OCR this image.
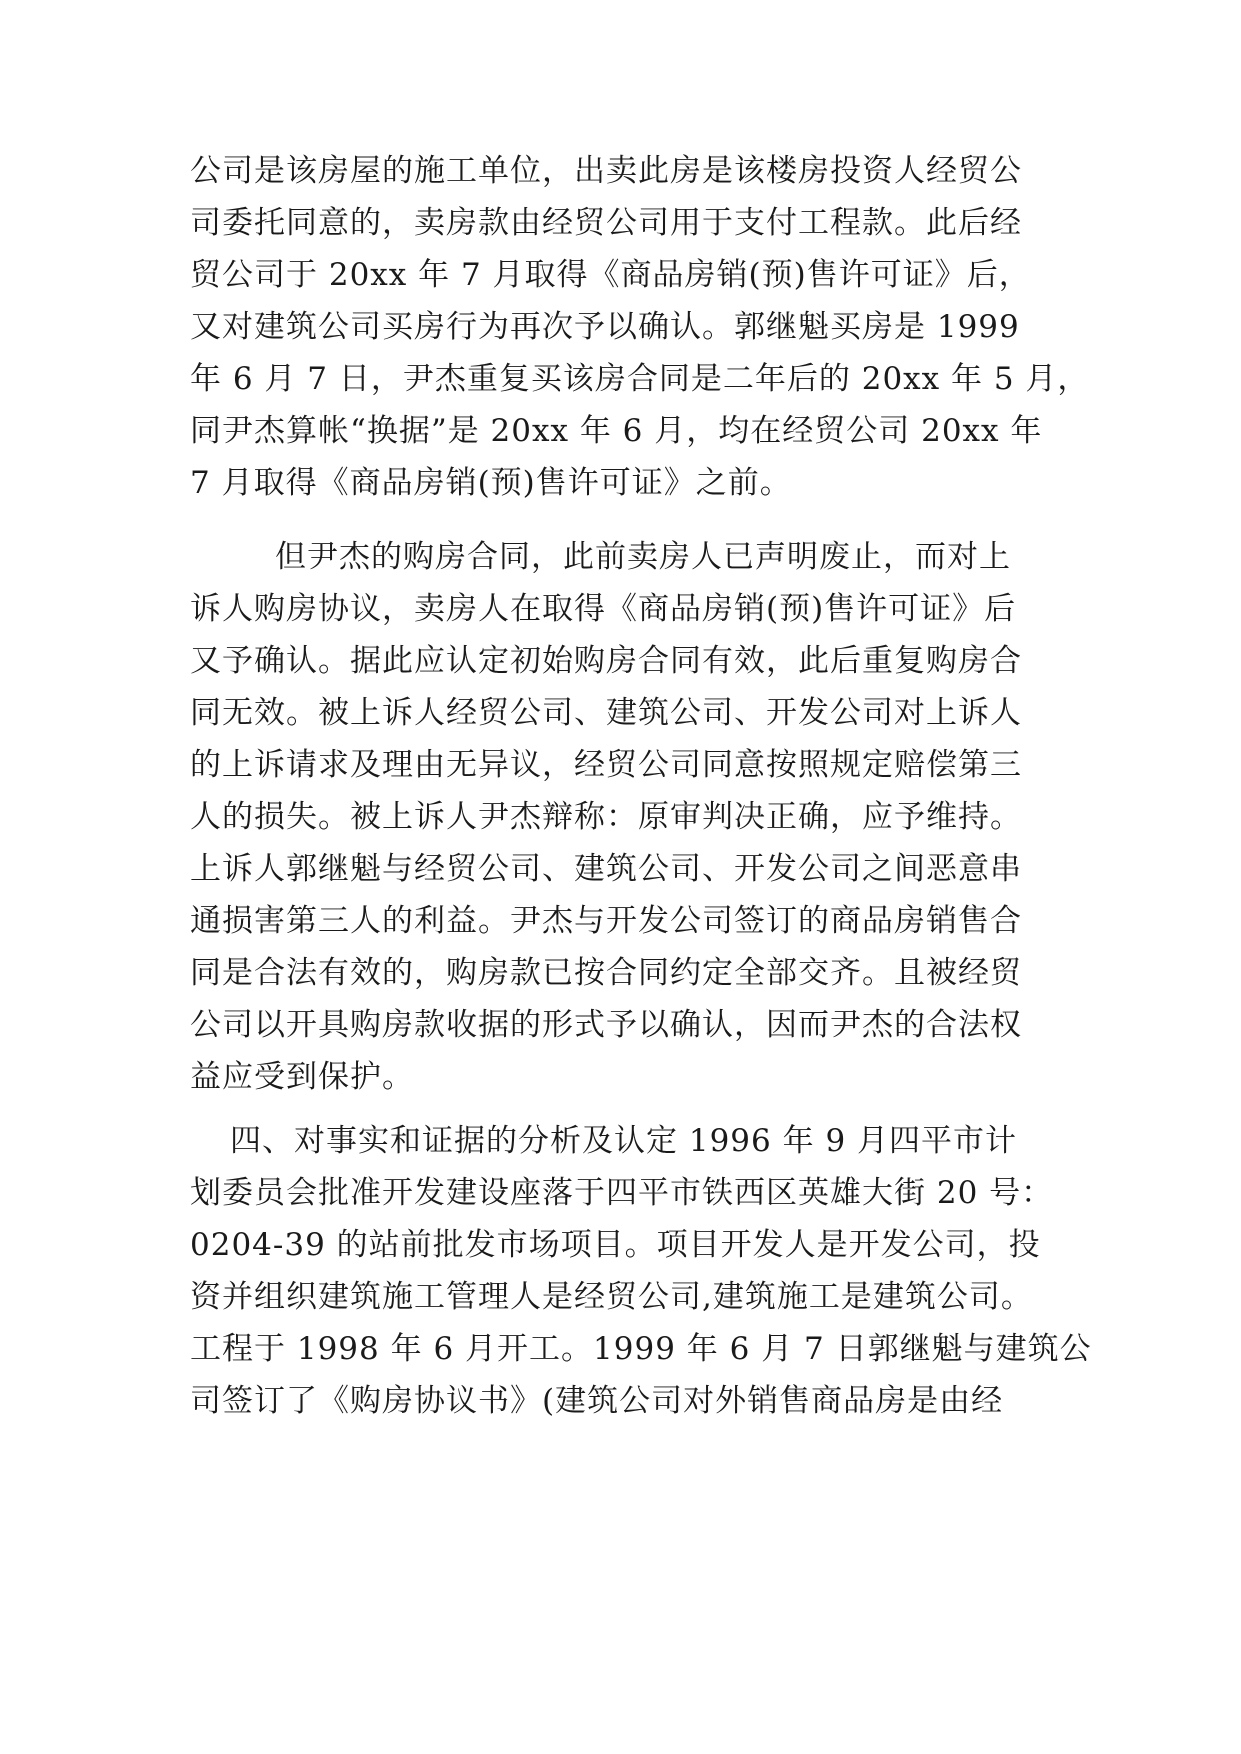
公司是该房屋的施工单位，出卖此房是该楼房投资人经贸公
司委托同意的，卖房款由经贸公司用于支付工程款。此后经
贸公司于 20xx 年 7 月取得《商品房销(预)售许可证》后，
又对建筑公司买房行为再次予以确认。郭继魁买房是 1999
年 6 月 7 日，尹杰重复买该房合同是二年后的 20xx 年 5 月，
同尹杰算帐“换据”是 20xx 年 6 月，均在经贸公司 20xx 年
7 月取得《商品房销(预)售许可证》之前。
但尹杰的购房合同，此前卖房人已声明废止，而对上
诉人购房协议，卖房人在取得《商品房销(预)售许可证》后
又予确认。据此应认定初始购房合同有效，此后重复购房合
同无效。被上诉人经贸公司、建筑公司、开发公司对上诉人
的上诉请求及理由无异议，经贸公司同意按照规定赔偿第三
人的损失。被上诉人尹杰辩称：原审判决正确，应予维持。
上诉人郭继魁与经贸公司、建筑公司、开发公司之间恶意串
通损害第三人的利益。尹杰与开发公司签订的商品房销售合
同是合法有效的，购房款已按合同约定全部交齐。且被经贸
公司以开具购房款收据的形式予以确认，因而尹杰的合法权
益应受到保护。
四、对事实和证据的分析及认定 1996 年 9 月四平市计
划委员会批准开发建设座落于四平市铁西区英雄大街 20 号：
0204-39 的站前批发市场项目。项目开发人是开发公司，投
资并组织建筑施工管理人是经贸公司,建筑施工是建筑公司。
工程于 1998 年 6 月开工。1999 年 6 月 7 日郭继魁与建筑公
司签订了《购房协议书》(建筑公司对外销售商品房是由经
